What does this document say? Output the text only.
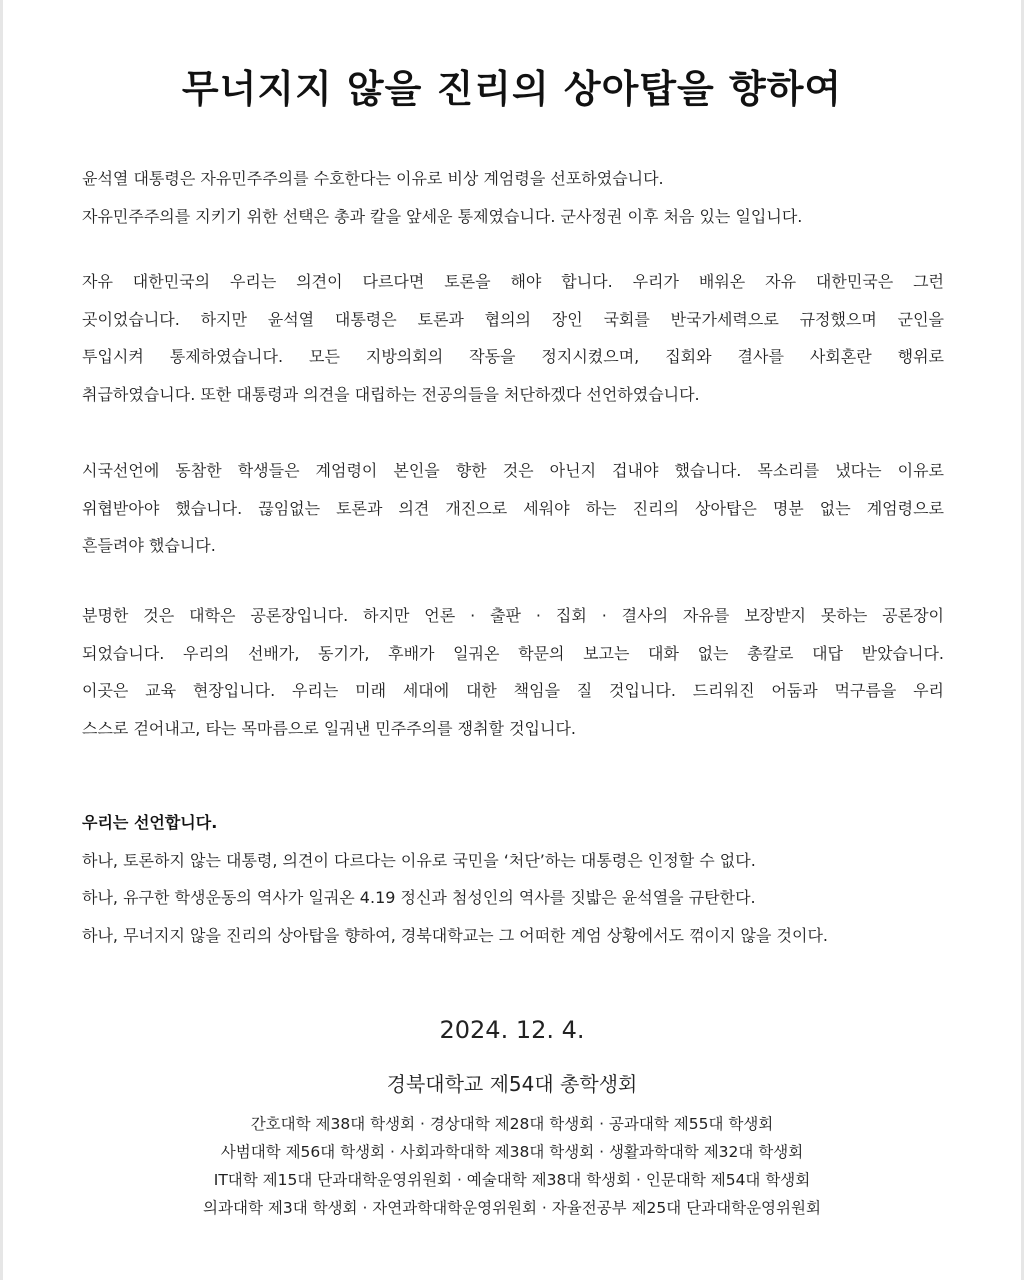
무너지지 않을 진리의 상아탑을 향하여
윤석열 대통령은 자유민주주의를 수호한다는 이유로 비상 계엄령을 선포하였습니다.
자유민주주의를 지키기 위한 선택은 총과 칼을 앞세운 통제였습니다. 군사정권 이후 처음 있는 일입니다.
자유 대한민국의 우리는 의견이 다르다면 토론을 해야 합니다. 우리가 배워온 자유 대한민국은 그런
곳이었습니다. 하지만 윤석열 대통령은 토론과 협의의 장인 국회를 반국가세력으로 규정했으며 군인을
투입시켜 통제하였습니다. 모든 지방의회의 작동을 정지시켰으며, 집회와 결사를 사회혼란 행위로
취급하였습니다. 또한 대통령과 의견을 대립하는 전공의들을 처단하겠다 선언하였습니다.
시국선언에 동참한 학생들은 계엄령이 본인을 향한 것은 아닌지 겁내야 했습니다. 목소리를 냈다는 이유로
위협받아야 했습니다. 끊임없는 토론과 의견 개진으로 세워야 하는 진리의 상아탑은 명분 없는 계엄령으로
흔들려야 했습니다.
분명한 것은 대학은 공론장입니다. 하지만 언론 · 출판 · 집회 · 결사의 자유를 보장받지 못하는 공론장이
되었습니다. 우리의 선배가, 동기가, 후배가 일궈온 학문의 보고는 대화 없는 총칼로 대답 받았습니다.
이곳은 교육 현장입니다. 우리는 미래 세대에 대한 책임을 질 것입니다. 드리워진 어둠과 먹구름을 우리
스스로 걷어내고, 타는 목마름으로 일궈낸 민주주의를 쟁취할 것입니다.
우리는 선언합니다.
하나, 토론하지 않는 대통령, 의견이 다르다는 이유로 국민을 ‘처단’하는 대통령은 인정할 수 없다.
하나, 유구한 학생운동의 역사가 일궈온 4.19 정신과 첨성인의 역사를 짓밟은 윤석열을 규탄한다.
하나, 무너지지 않을 진리의 상아탑을 향하여, 경북대학교는 그 어떠한 계엄 상황에서도 꺾이지 않을 것이다.
2024. 12. 4.
경북대학교 제54대 총학생회
간호대학 제38대 학생회 · 경상대학 제28대 학생회 · 공과대학 제55대 학생회
사범대학 제56대 학생회 · 사회과학대학 제38대 학생회 · 생활과학대학 제32대 학생회
IT대학 제15대 단과대학운영위원회 · 예술대학 제38대 학생회 · 인문대학 제54대 학생회
의과대학 제3대 학생회 · 자연과학대학운영위원회 · 자율전공부 제25대 단과대학운영위원회
